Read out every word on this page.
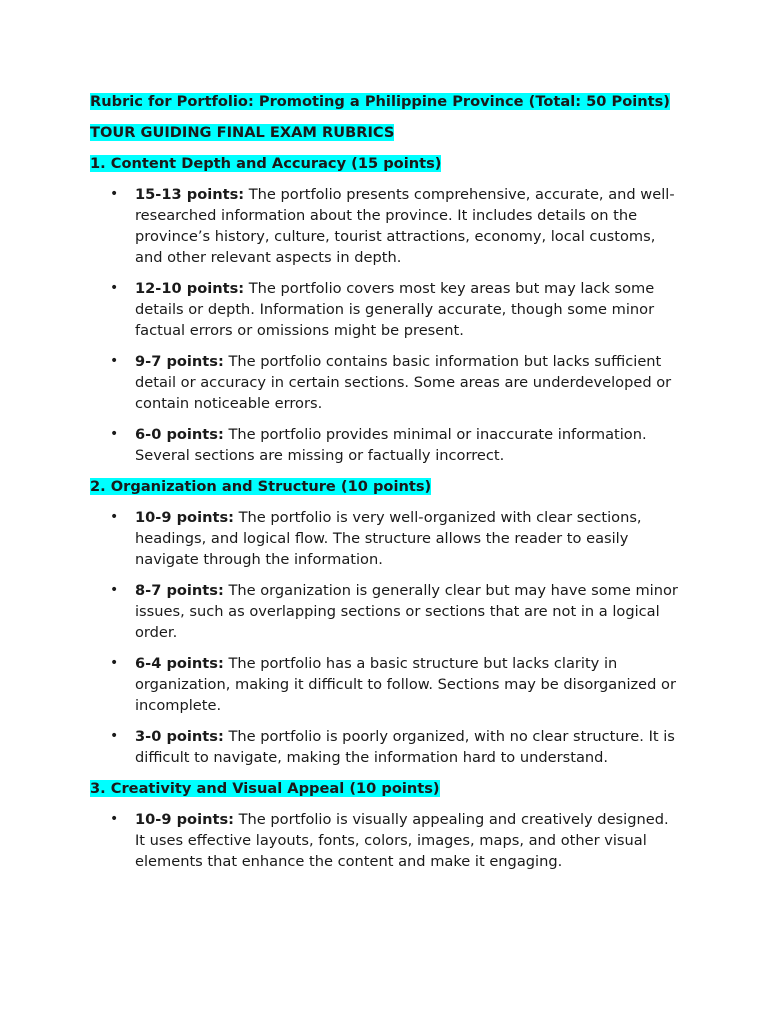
Rubric for Portfolio: Promoting a Philippine Province (Total: 50 Points)
TOUR GUIDING FINAL EXAM RUBRICS
1. Content Depth and Accuracy (15 points)
• 15-13 points: The portfolio presents comprehensive, accurate, and well-researched information about the province. It includes details on the province’s history, culture, tourist attractions, economy, local customs, and other relevant aspects in depth.
• 12-10 points: The portfolio covers most key areas but may lack some details or depth. Information is generally accurate, though some minor factual errors or omissions might be present.
• 9-7 points: The portfolio contains basic information but lacks sufficient detail or accuracy in certain sections. Some areas are underdeveloped or contain noticeable errors.
• 6-0 points: The portfolio provides minimal or inaccurate information. Several sections are missing or factually incorrect.
2. Organization and Structure (10 points)
• 10-9 points: The portfolio is very well-organized with clear sections, headings, and logical flow. The structure allows the reader to easily navigate through the information.
• 8-7 points: The organization is generally clear but may have some minor issues, such as overlapping sections or sections that are not in a logical order.
• 6-4 points: The portfolio has a basic structure but lacks clarity in organization, making it difficult to follow. Sections may be disorganized or incomplete.
• 3-0 points: The portfolio is poorly organized, with no clear structure. It is difficult to navigate, making the information hard to understand.
3. Creativity and Visual Appeal (10 points)
• 10-9 points: The portfolio is visually appealing and creatively designed. It uses effective layouts, fonts, colors, images, maps, and other visual elements that enhance the content and make it engaging.
